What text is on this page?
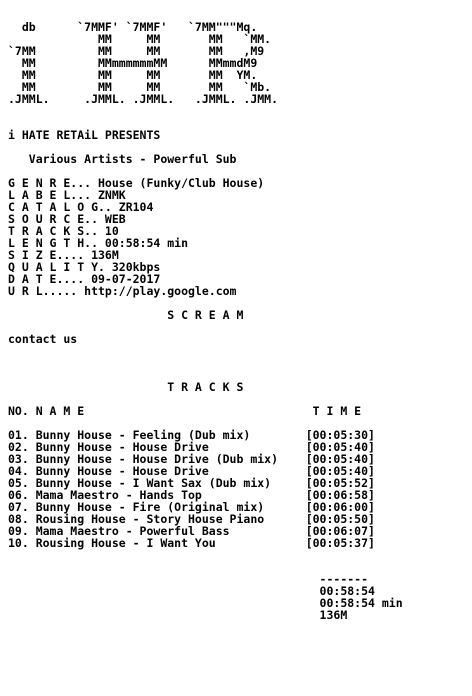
db      `7MMF' `7MMF'   `7MM"""Mq.
MM     MM       MM   `MM.
`7MM         MM     MM       MM   ,M9
MM         MMmmmmmmMM      MMmmdM9
MM         MM     MM       MM  YM.
MM         MM     MM       MM   `Mb.
.JMML.     .JMML. .JMML.   .JMML. .JMM.

i HATE RETAiL PRESENTS

Various Artists - Powerful Sub

G E N R E... House (Funky/Club House)
L A B E L... ZNMK
C A T A L O G.. ZR104
S O U R C E.. WEB
T R A C K S.. 10
L E N G T H.. 00:58:54 min
S I Z E.... 136M
Q U A L I T Y. 320kbps
D A T E.... 09-07-2017
U R L..... http://play.google.com

S C R E A M

contact us

T R A C K S

NO. N A M E                                 T I M E

01. Bunny House - Feeling (Dub mix)        [00:05:30]
02. Bunny House - House Drive              [00:05:40]
03. Bunny House - House Drive (Dub mix)    [00:05:40]
04. Bunny House - House Drive              [00:05:40]
05. Bunny House - I Want Sax (Dub mix)     [00:05:52]
06. Mama Maestro - Hands Top               [00:06:58]
07. Bunny House - Fire (Original mix)      [00:06:00]
08. Rousing House - Story House Piano      [00:05:50]
09. Mama Maestro - Powerful Bass           [00:06:07]
10. Rousing House - I Want You             [00:05:37]

-------
00:58:54
00:58:54 min
136M
